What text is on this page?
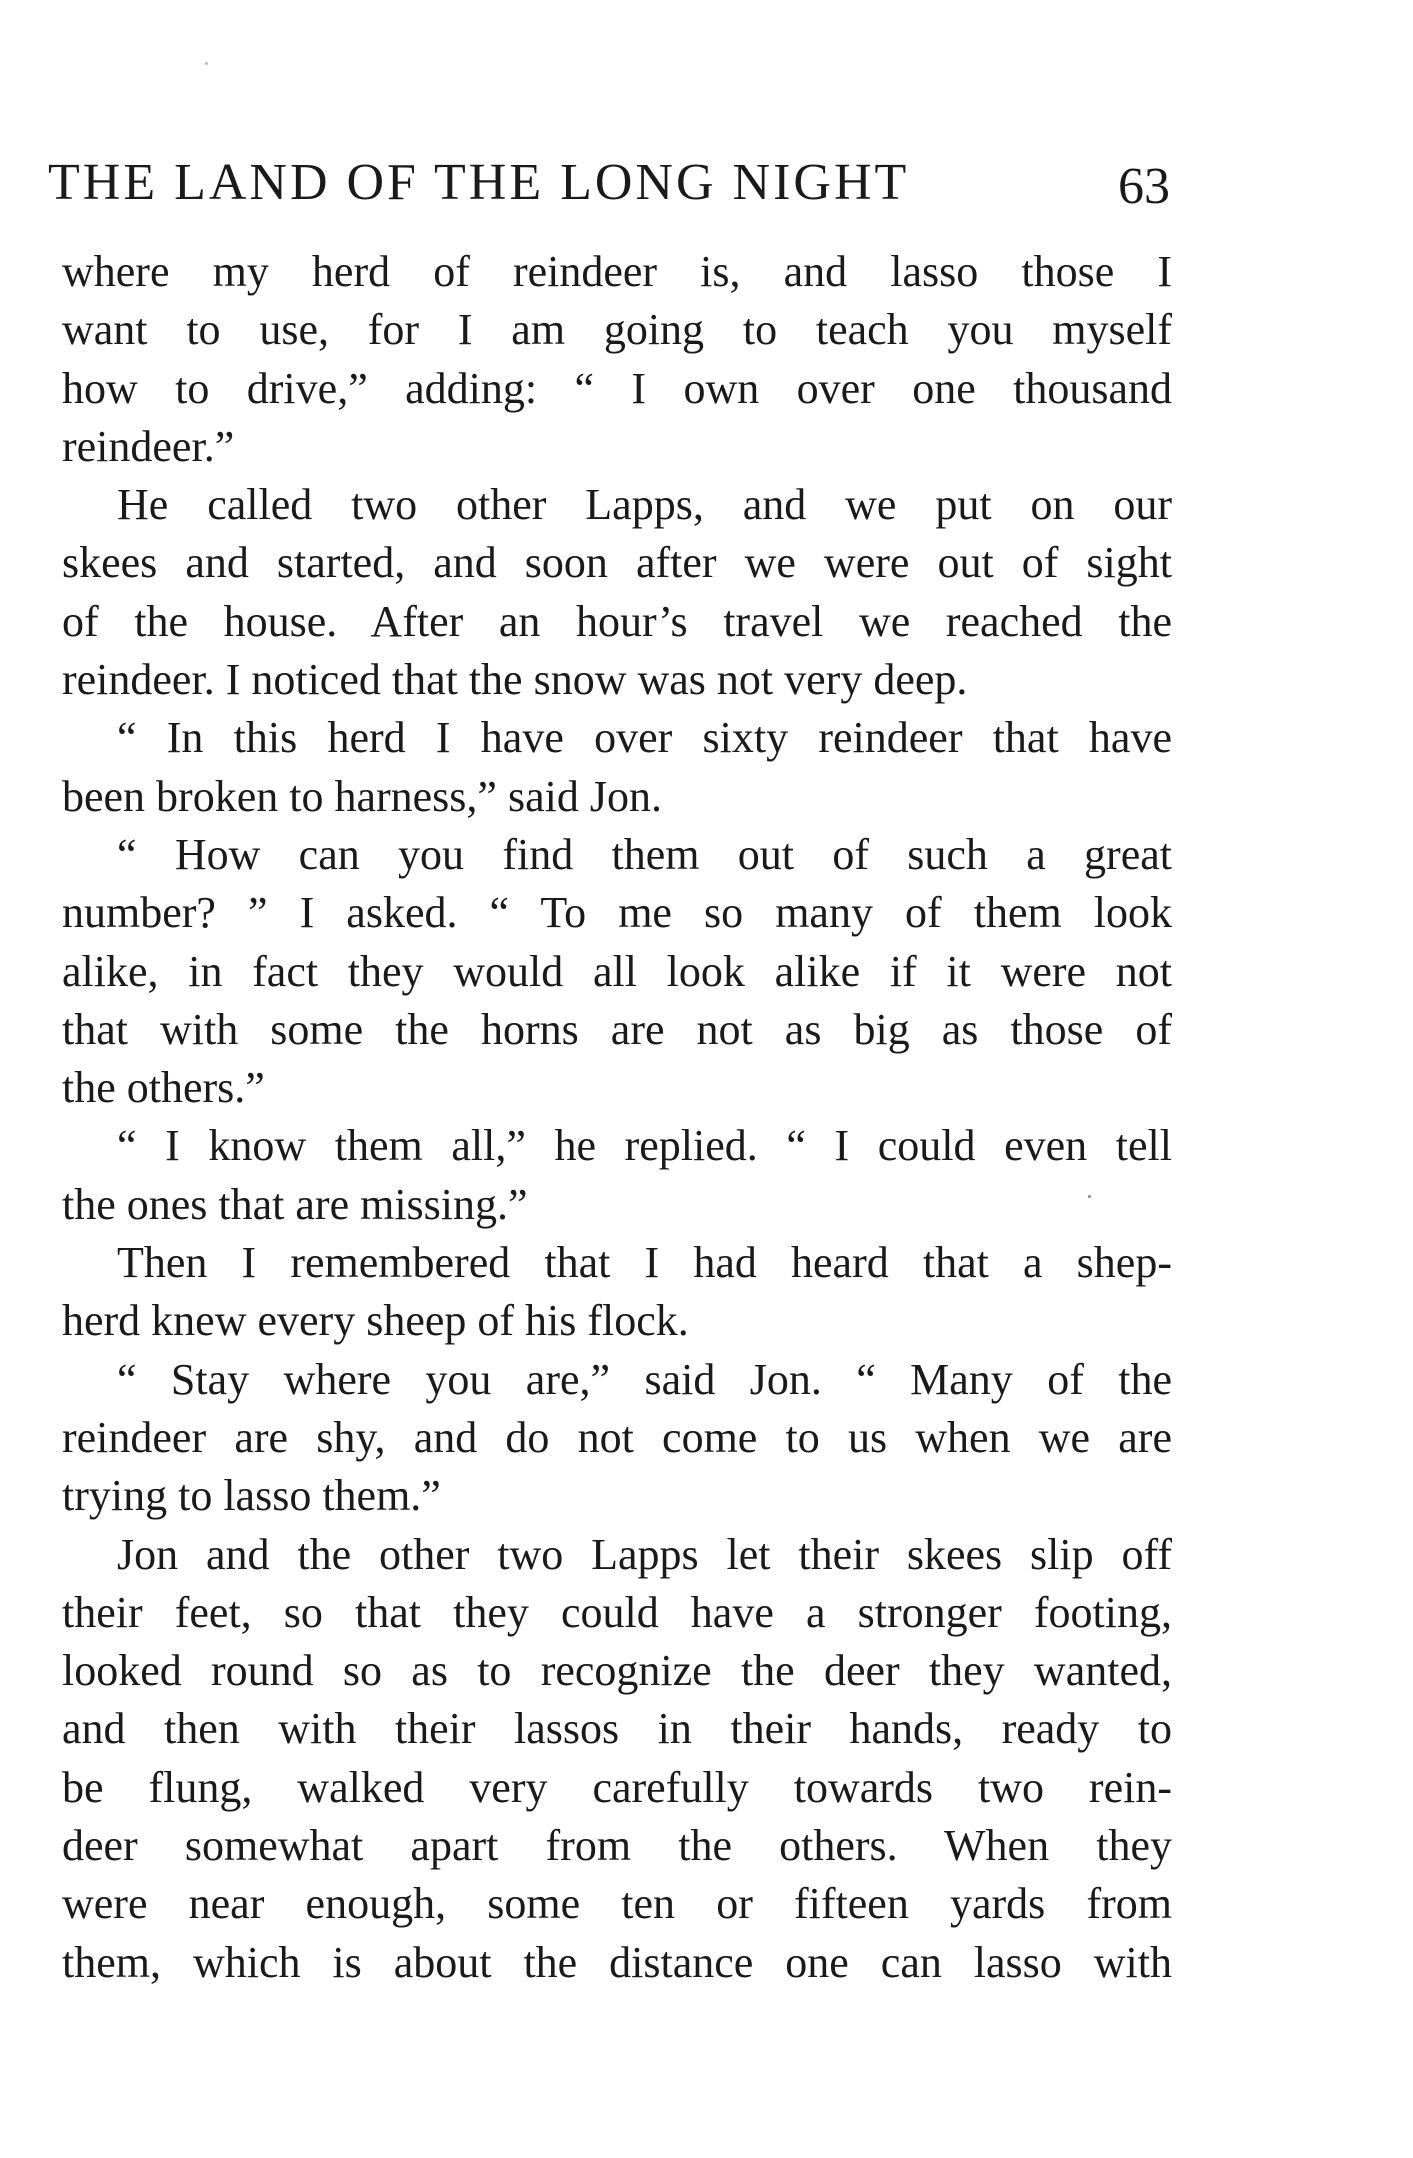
THE LAND OF THE LONG NIGHT	63
where my herd of reindeer is, and lasso those I
want to use, for I am going to teach you myself
how to drive,” adding: “ I own over one thousand
reindeer.”
He called two other Lapps, and we put on our
skees and started, and soon after we were out of sight
of the house. After an hour’s travel we reached the
reindeer. I noticed that the snow was not very deep.
“ In this herd I have over sixty reindeer that have
been broken to harness,” said Jon.
“ How can you find them out of such a great
number? ” I asked. “ To me so many of them look
alike, in fact they would all look alike if it were not
that with some the horns are not as big as those of
the others.”
“ I know them all,” he replied. “ I could even tell
the ones that are missing.”
Then I remembered that I had heard that a shep-
herd knew every sheep of his flock.
“ Stay where you are,” said Jon. “ Many of the
reindeer are shy, and do not come to us when we are
trying to lasso them.”
Jon and the other two Lapps let their skees slip off
their feet, so that they could have a stronger footing,
looked round so as to recognize the deer they wanted,
and then with their lassos in their hands, ready to
be flung, walked very carefully towards two rein-
deer somewhat apart from the others. When they
were near enough, some ten or fifteen yards from
them, which is about the distance one can lasso with
